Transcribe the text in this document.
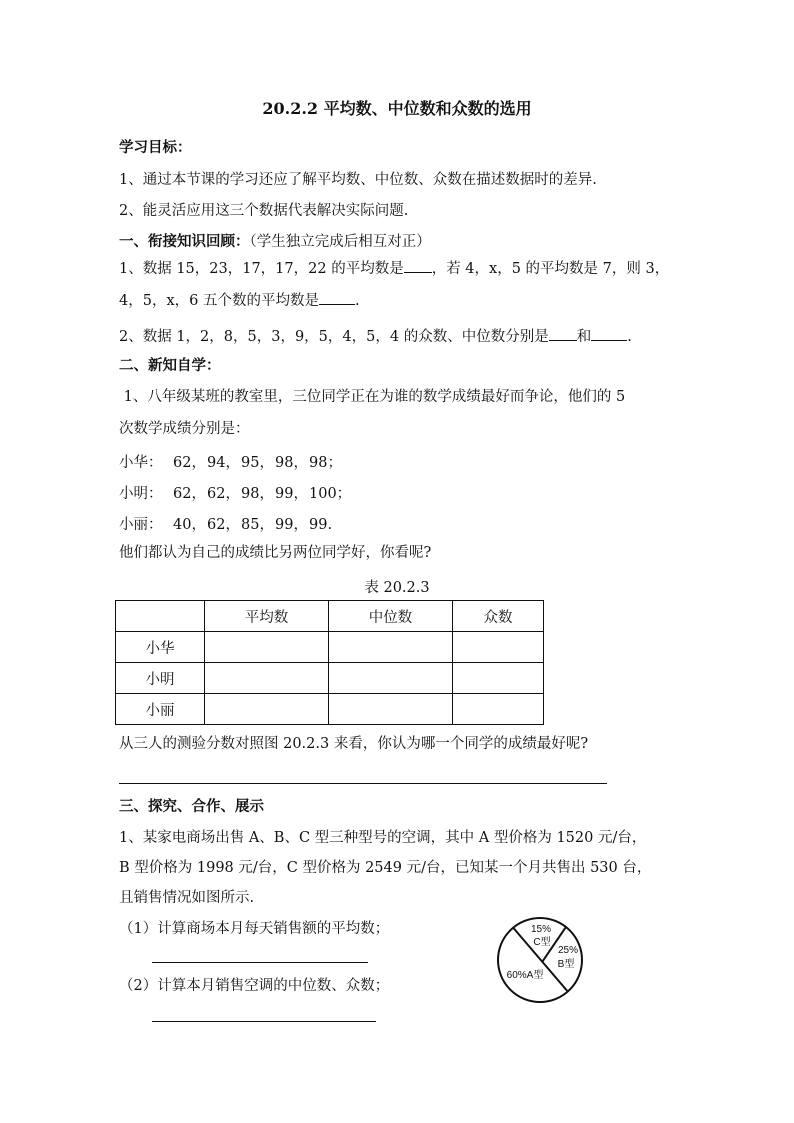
20.2.2 平均数、中位数和众数的选用
学习目标：
1、通过本节课的学习还应了解平均数、中位数、众数在描述数据时的差异.
2、能灵活应用这三个数据代表解决实际问题.
一、衔接知识回顾：（学生独立完成后相互对正）
1、数据 15，23，17，17，22 的平均数是 ，若 4，x，5 的平均数是 7，则 3，
4，5，x，6 五个数的平均数是 .
2、数据 1，2，8，5，3，9，5，4，5，4 的众数、中位数分别是 和 .
二、新知自学：
1、八年级某班的教室里，三位同学正在为谁的数学成绩最好而争论，他们的 5
次数学成绩分别是：
小华： 62，94，95，98，98；
小明： 62，62，98，99，100；
小丽： 40，62，85，99，99.
他们都认为自己的成绩比另两位同学好，你看呢?
表 20.2.3
	平均数	中位数	众数
小华			
小明			
小丽			
从三人的测验分数对照图 20.2.3 来看，你认为哪一个同学的成绩最好呢?
三、探究、合作、展示
1、某家电商场出售 A、B、C 型三种型号的空调，其中 A 型价格为 1520 元/台，
B 型价格为 1998 元/台，C 型价格为 2549 元/台，已知某一个月共售出 530 台，
且销售情况如图所示.
（1）计算商场本月每天销售额的平均数；
（2）计算本月销售空调的中位数、众数；
15%
C型
25%
B型
60%A型
